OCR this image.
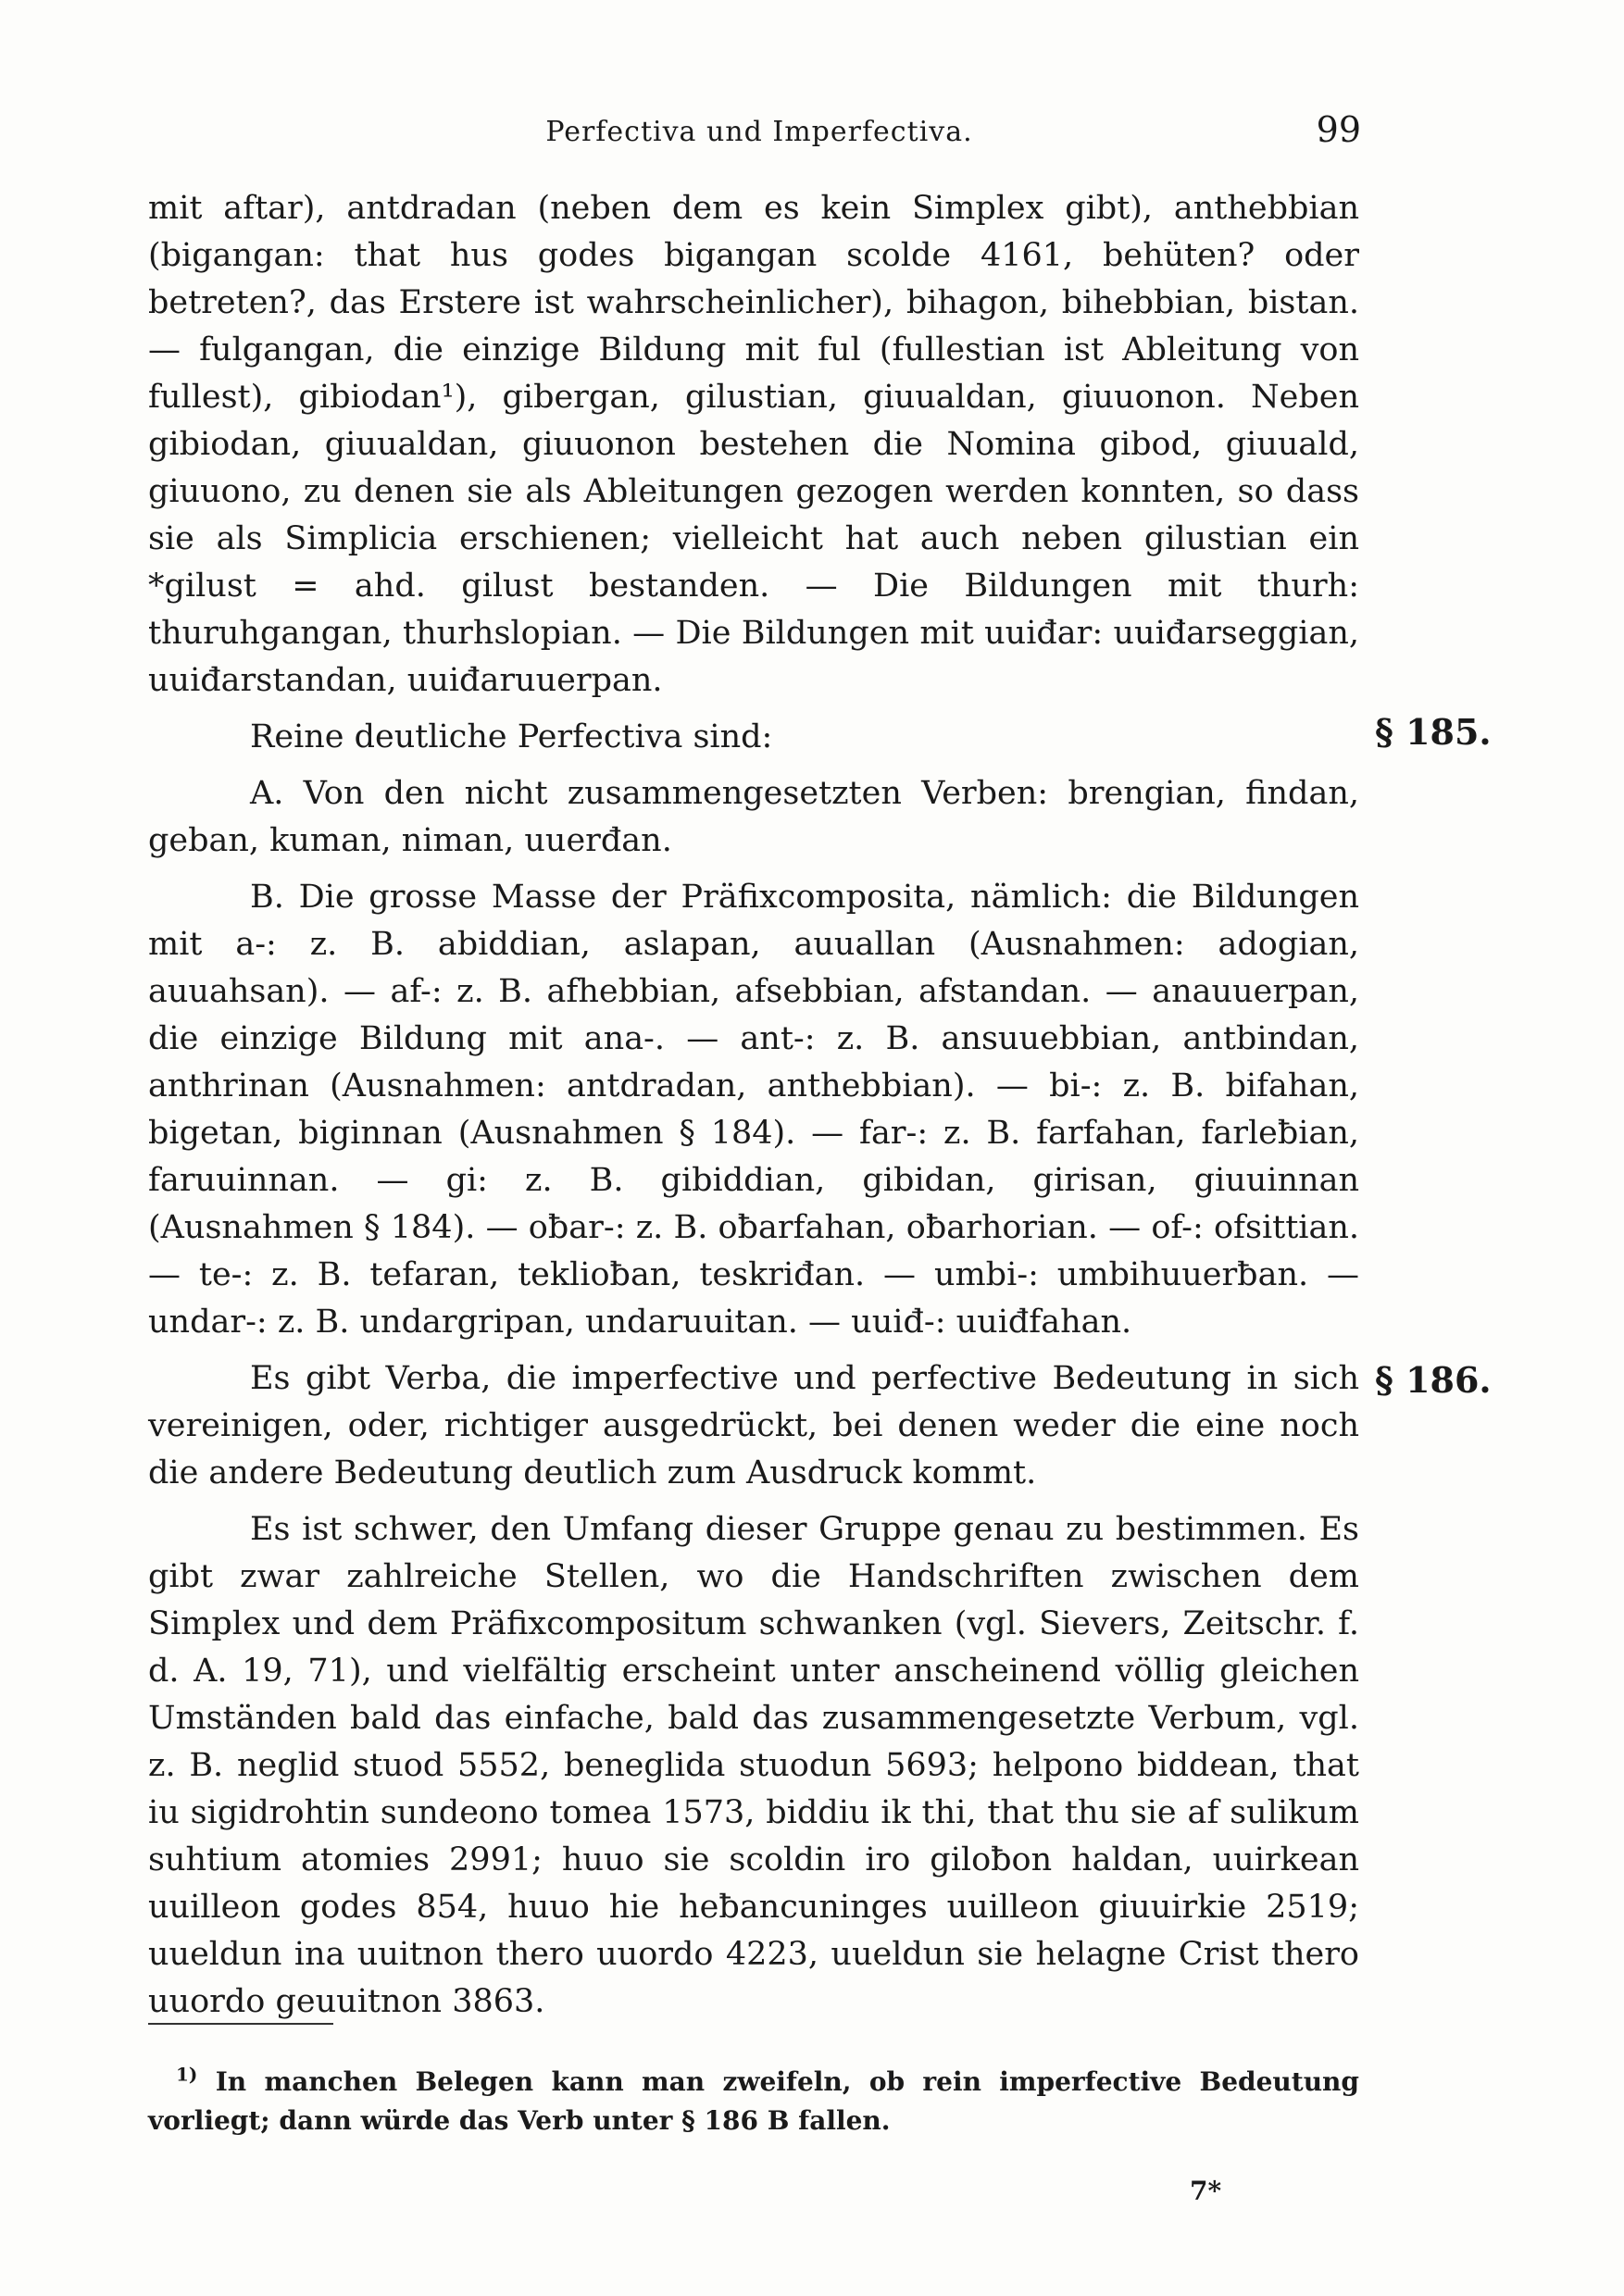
Perfectiva und Imperfectiva.	99

mit aftar), antdradan (neben dem es kein Simplex gibt), anthebbian (bigangan: that hus godes bigangan scolde 4161, behüten? oder betreten?, das Erstere ist wahrscheinlicher), bihagon, bihebbian, bistan. — fulgangan, die einzige Bildung mit ful (fullestian ist Ableitung von fullest), gibiodan¹), gibergan, gilustian, giuualdan, giuuonon. Neben gibiodan, giuualdan, giuuonon bestehen die Nomina gibod, giuuald, giuuono, zu denen sie als Ableitungen gezogen werden konnten, so dass sie als Simplicia erschienen; vielleicht hat auch neben gilustian ein *gilust = ahd. gilust bestanden. — Die Bildungen mit thurh: thuruhgangan, thurhslopian. — Die Bildungen mit uuiđar: uuiđarseggian, uuiđarstandan, uuiđaruuerpan.

Reine deutliche Perfectiva sind:

A. Von den nicht zusammengesetzten Verben: brengian, findan, geban, kuman, niman, uuerđan.

B. Die grosse Masse der Präfixcomposita, nämlich: die Bildungen mit a-: z. B. abiddian, aslapan, auuallan (Ausnahmen: adogian, auuahsan). — af-: z. B. afhebbian, afsebbian, afstandan. — anauuerpan, die einzige Bildung mit ana-. — ant-: z. B. ansuuebbian, antbindan, anthrinan (Ausnahmen: antdradan, anthebbian). — bi-: z. B. bifahan, bigetan, biginnan (Ausnahmen § 184). — far-: z. B. farfahan, farleƀian, faruuinnan. — gi: z. B. gibiddian, gibidan, girisan, giuuinnan (Ausnahmen § 184). — oƀar-: z. B. oƀarfahan, oƀarhorian. — of-: ofsittian. — te-: z. B. tefaran, teklioƀan, teskriđan. — umbi-: umbihuuerƀan. — undar-: z. B. undargripan, undaruuitan. — uuiđ-: uuiđfahan.

Es gibt Verba, die imperfective und perfective Bedeutung in sich vereinigen, oder, richtiger ausgedrückt, bei denen weder die eine noch die andere Bedeutung deutlich zum Ausdruck kommt.

Es ist schwer, den Umfang dieser Gruppe genau zu bestimmen. Es gibt zwar zahlreiche Stellen, wo die Handschriften zwischen dem Simplex und dem Präfixcompositum schwanken (vgl. Sievers, Zeitschr. f. d. A. 19, 71), und vielfältig erscheint unter anscheinend völlig gleichen Umständen bald das einfache, bald das zusammengesetzte Verbum, vgl. z. B. neglid stuod 5552, beneglida stuodun 5693; helpono biddean, that iu sigidrohtin sundeono tomea 1573, biddiu ik thi, that thu sie af sulikum suhtium atomies 2991; huuo sie scoldin iro giloƀon haldan, uuirkean uuilleon godes 854, huuo hie heƀancuninges uuilleon giuuirkie 2519; uueldun ina uuitnon thero uuordo 4223, uueldun sie helagne Crist thero uuordo geuuitnon 3863.

§ 185.
§ 186.
$^{1)}$ In manchen Belegen kann man zweifeln, ob rein imperfective Bedeutung vorliegt; dann würde das Verb unter § 186 B fallen.
7*
